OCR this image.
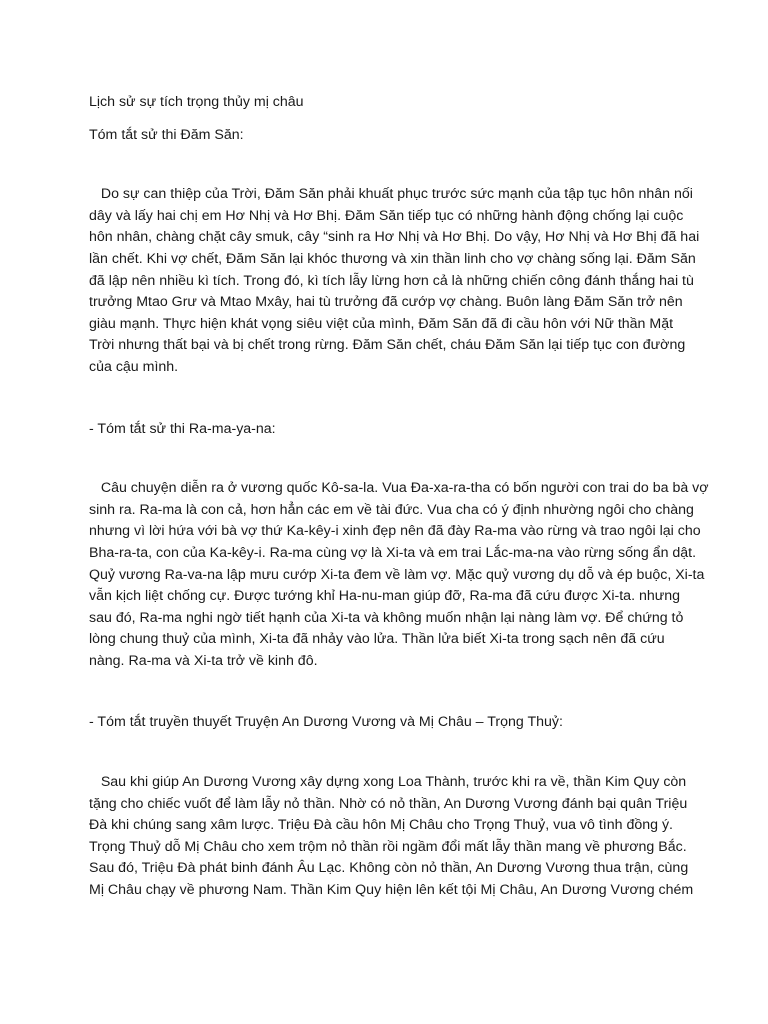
Lịch sử sự tích trọng thủy mị châu

Tóm tắt sử thi Đăm Săn:

Do sự can thiệp của Trời, Đăm Săn phải khuất phục trước sức mạnh của tập tục hôn nhân nối

dây và lấy hai chị em Hơ Nhị và Hơ Bhị. Đăm Săn tiếp tục có những hành động chống lại cuộc

hôn nhân, chàng chặt cây smuk, cây “sinh ra Hơ Nhị và Hơ Bhị. Do vậy, Hơ Nhị và Hơ Bhị đã hai

lần chết. Khi vợ chết, Đăm Săn lại khóc thương và xin thần linh cho vợ chàng sống lại. Đăm Săn

đã lập nên nhiều kì tích. Trong đó, kì tích lẫy lừng hơn cả là những chiến công đánh thắng hai tù

trưởng Mtao Grư và Mtao Mxây, hai tù trưởng đã cướp vợ chàng. Buôn làng Đăm Săn trở nên

giàu mạnh. Thực hiện khát vọng siêu việt của mình, Đăm Săn đã đi cầu hôn với Nữ thần Mặt

Trời nhưng thất bại và bị chết trong rừng. Đăm Săn chết, cháu Đăm Săn lại tiếp tục con đường

của cậu mình.

- Tóm tắt sử thi Ra-ma-ya-na:

Câu chuyện diễn ra ở vương quốc Kô-sa-la. Vua Đa-xa-ra-tha có bốn người con trai do ba bà vợ

sinh ra. Ra-ma là con cả, hơn hẳn các em về tài đức. Vua cha có ý định nhường ngôi cho chàng

nhưng vì lời hứa với bà vợ thứ Ka-kêy-i xinh đẹp nên đã đày Ra-ma vào rừng và trao ngôi lại cho

Bha-ra-ta, con của Ka-kêy-i. Ra-ma cùng vợ là Xi-ta và em trai Lắc-ma-na vào rừng sống ẩn dật.

Quỷ vương Ra-va-na lập mưu cướp Xi-ta đem về làm vợ. Mặc quỷ vương dụ dỗ và ép buộc, Xi-ta

vẫn kịch liệt chống cự. Được tướng khỉ Ha-nu-man giúp đỡ, Ra-ma đã cứu được Xi-ta. nhưng

sau đó, Ra-ma nghi ngờ tiết hạnh của Xi-ta và không muốn nhận lại nàng làm vợ. Để chứng tỏ

lòng chung thuỷ của mình, Xi-ta đã nhảy vào lửa. Thần lửa biết Xi-ta trong sạch nên đã cứu

nàng. Ra-ma và Xi-ta trở về kinh đô.

- Tóm tắt truyền thuyết Truyện An Dương Vương và Mị Châu – Trọng Thuỷ:

Sau khi giúp An Dương Vương xây dựng xong Loa Thành, trước khi ra về, thần Kim Quy còn

tặng cho chiếc vuốt để làm lẫy nỏ thần. Nhờ có nỏ thần, An Dương Vương đánh bại quân Triệu

Đà khi chúng sang xâm lược. Triệu Đà cầu hôn Mị Châu cho Trọng Thuỷ, vua vô tình đồng ý.

Trọng Thuỷ dỗ Mị Châu cho xem trộm nỏ thần rồi ngầm đổi mất lẫy thần mang về phương Bắc.

Sau đó, Triệu Đà phát binh đánh Âu Lạc. Không còn nỏ thần, An Dương Vương thua trận, cùng

Mị Châu chạy về phương Nam. Thần Kim Quy hiện lên kết tội Mị Châu, An Dương Vương chém
